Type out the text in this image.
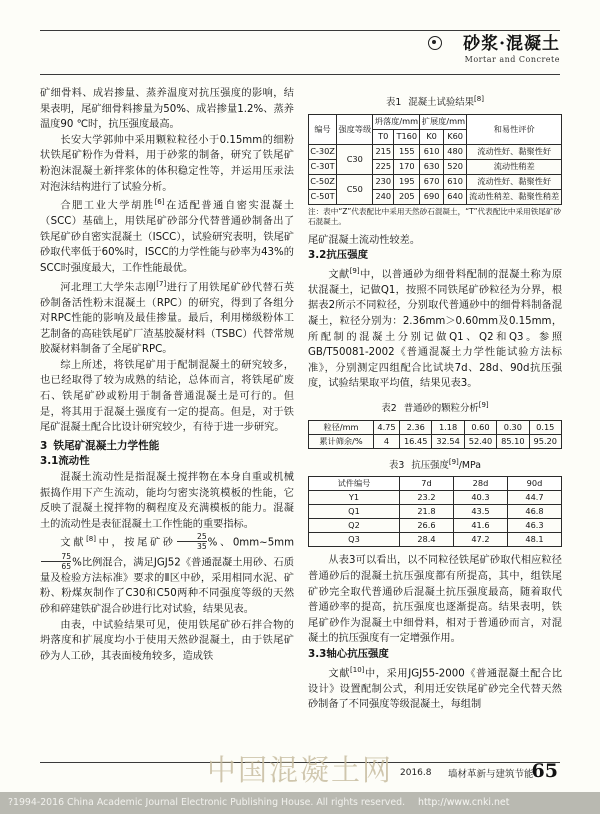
砂浆·混凝土
Mortar and Concrete

矿细骨料、成岩掺量、蒸养温度对抗压强度的影响，结果表明，尾矿细骨料掺量为50%、成岩掺量1.2%、蒸养温度90 ℃时，抗压强度最高。

长安大学郭帅中采用颗粒粒径小于0.15mm的细粉状铁尾矿粉作为骨料，用于砂浆的制备，研究了铁尾矿粉泡沫混凝土新拌浆体的体积稳定性等，并运用压汞法对泡沫结构进行了试验分析。

合肥工业大学胡胜[6]在适配普通自密实混凝土（SCC）基础上，用铁尾矿砂部分代替普通砂制备出了铁尾矿砂自密实混凝土（ISCC），试验研究表明，铁尾矿砂取代率低于60%时，ISCC的力学性能与砂率为43%的SCC时强度最大，工作性能最优。

河北理工大学朱志刚[7]进行了用铁尾矿砂代替石英砂制备活性粉末混凝土（RPC）的研究，得到了各组分对RPC性能的影响及最佳掺量。最后，利用梯级粉体工艺制备的高硅铁尾矿厂渣基胶凝材料（TSBC）代替常规胶凝材料制备了全尾矿RPC。

综上所述，将铁尾矿用于配制混凝土的研究较多，也已经取得了较为成熟的结论，总体而言，将铁尾矿废石、铁尾矿砂或粉用于制备普通混凝土是可行的。但是，将其用于混凝土强度有一定的提高。但是，对于铁尾矿混凝土配合比设计研究较少，有待于进一步研究。

3 铁尾矿混凝土力学性能

3.1流动性

混凝土流动性是指混凝土搅拌物在本身自重或机械振捣作用下产生流动，能均匀密实浇筑模板的性能，它反映了混凝土搅拌物的稠程度及充满模板的能力。混凝土的流动性是表征混凝土工作性能的重要指标。

文献[8]中，按尾矿砂 $\frac{25}{35}$ %、0mm~5mm
$\frac{75}{65}$ %比例混合，满足JGJ52《普通混凝土用砂、石质量及检验方法标准》要求的Ⅱ区中砂，采用相同水泥、矿粉、粉煤灰制作了C30和C50两种不同强度等级的天然砂和碎建铁矿混合砂进行比对试验，结果见表。

由表，中试验结果可见，使用铁尾矿砂石拌合物的坍落度和扩展度均小于使用天然砂混凝土，由于铁尾矿砂为人工砂，其表面棱角较多，造成铁

表1 混凝土试验结果[8]
编号	强度等级	坍落度/mm		扩展度/mm		和易性评价
		T0	T160	K0	K60	
C-30Z	C30	215	155	610	480	流动性好、黏聚性好
C-30T		225	170	630	520	流动性稍差
C-50Z	C50	230	195	670	610	流动性好、黏聚性好
C-50T		240	205	690	640	流动性稍差、黏聚性稍差
注：表中“Z”代表配比中采用天然砂石混凝土，“T”代表配比中采用铁尾矿砂石混凝土。

尾矿混凝土流动性较差。

3.2抗压强度

文献[9]中，以普通砂为细骨料配制的混凝土称为原状混凝土，记做Q1，按照不同铁尾矿砂粒径为分界，根据表2所示不同粒径，分别取代普通砂中的细骨料制备混凝土，粒径分别为：2.36mm＞0.60mm及0.15mm，所配制的混凝土分别记做Q1、Q2和Q3。参照GB/T50081-2002《普通混凝土力学性能试验方法标准》，分别测定四组配合比试块7d、28d、90d抗压强度，试验结果取平均值，结果见表3。

表2 普通砂的颗粒分析[9]
粒径/mm	4.75	2.36	1.18	0.60	0.30	0.15
累计筛余/%	4	16.45	32.54	52.40	85.10	95.20
表3 抗压强度[9]/MPa
试件编号	7d	28d	90d
Y1	23.2	40.3	44.7
Q1	21.8	43.5	46.8
Q2	26.6	41.6	46.3
Q3	28.4	47.2	48.1

从表3可以看出，以不同粒径铁尾矿砂取代相应粒径普通砂后的混凝土抗压强度都有所提高，其中，组铁尾矿砂完全取代普通砂后混凝土抗压强度最高，随着取代普通砂率的提高，抗压强度也逐渐提高。结果表明，铁尾矿砂作为混凝土中细骨料，相对于普通砂而言，对混凝土的抗压强度有一定增强作用。

3.3轴心抗压强度

文献[10]中，采用JGJ55-2000《普通混凝土配合比设计》设置配制公式，利用迁安铁尾矿砂完全代替天然砂制备了不同强度等级混凝土，每组制

中国混凝土网 2016.8 墙材革新与建筑节能
65
?1994-2016 China Academic Journal Electronic Publishing House. All rights reserved. http://www.cnki.net
